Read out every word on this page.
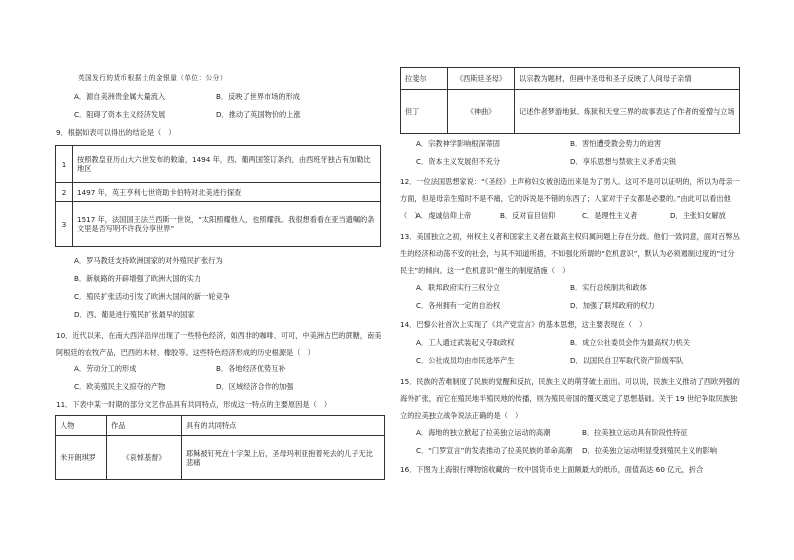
英国发行的货币根据士的金银量（单位：公分）
A．源自美洲贵金属大量流入	B．反映了世界市场的形成
C．阻碍了资本主义经济发展	D．推动了英国物价的上涨
9．根据如表可以得出的结论是（　）
1	按照教皇亚历山大六世发布的敕谕，1494 年，西、葡两国签订条约，由西班牙独占有加勒比地区
2	1497 年，英王亨利七世资助卡伯特对北美进行探查
3	1517 年，法国国王法兰西斯一世说，“太阳照耀他人，也照耀我。我很想看看在亚当遗嘱的条文里是否写明不许我分享世界”
A．罗马教廷支持欧洲国家的对外殖民扩张行为
B．新航路的开辟增强了欧洲大国的实力
C．殖民扩张活动引发了欧洲大国间的新一轮竞争
D．西、葡是进行殖民扩张最早的国家
10．近代以来，在南大西洋沿岸出现了一些特色经济，如西非的咖啡、可可，中美洲古巴的蔗糖，南美阿根廷的农牧产品，巴西的木材、橡胶等。这些特色经济形成的历史根源是（　）
A．劳动分工的形成	B．各地经济优势互补
C．欧美殖民主义掠夺的产物	D．区域经济合作的加强
11．下表中某一时期的部分文艺作品具有共同特点，形成这一特点的主要原因是（　）
人物	作品	具有的共同特点
米开朗琪罗	《哀悼基督》	耶稣被钉死在十字架上后，圣母玛利亚抱着死去的儿子无比悲痛
拉斐尔	《西斯廷圣母》	以宗教为题材，但画中圣母和圣子反映了人间母子亲情
但丁	《神曲》	记述作者梦游地狱、炼狱和天堂三界的故事表达了作者的爱憎与立场
A．宗教神学影响根深蒂固	B．害怕遭受教会势力的迫害
C．资本主义发展但不充分	D．享乐思想与禁欲主义矛盾尖锐
12．一位法国思想家说：“《圣经》上声称妇女被创造出来是为了男人。这可不是可以证明的，所以为母亲一方面，但是母亲生殖时不是不痛，它的诉说是不错的东西了；人家对于子女都是必要的。”由此可以看出他（　）
A．虔诚信仰上帝	B．反对盲目信仰	C．是理性主义者	D．主张妇女解放
13．美国独立之初，州权主义者和国家主义者在最高主权归属问题上存在分歧。他们一致同意，面对百弊丛生的经济和动荡不安的社会，与其不知道所措，不如强化所谓的“危机意识”，默认为必须遏制过度的“过分民主”的倾向。这一“危机意识”催生的制度措施（　）
A．联邦政府实行三权分立	B．实行总统制共和政体
C．各州拥有一定的自治权	D．加强了联邦政府的权力
14．巴黎公社首次上实现了《共产党宣言》的基本思想，这主要表现在（　）
A．工人通过武装起义夺取政权	B．成立公社委员会作为最高权力机关
C．公社成员均由市民选举产生	D．以国民自卫军取代资产阶级军队
15．民族的苦难制度了民族的觉醒和反抗，民族主义的萌芽破土而出。可以说，民族主义推动了西欧列强的海外扩张，而它在殖民地半殖民地的传播，则为殖民帝国的覆灭奠定了思想基础。关于 19 世纪争取民族独立的拉美独立战争说法正确的是（　）
A．海地的独立掀起了拉美独立运动的高潮	B．拉美独立运动具有阶段性特征
C．“门罗宣言”的发表推动了拉美民族的革命高潮 D．拉美独立运动明显受到殖民主义的影响
16．下图为上海银行博物馆收藏的一枚中国货币史上面额最大的纸币，面值高达 60 亿元，折合
